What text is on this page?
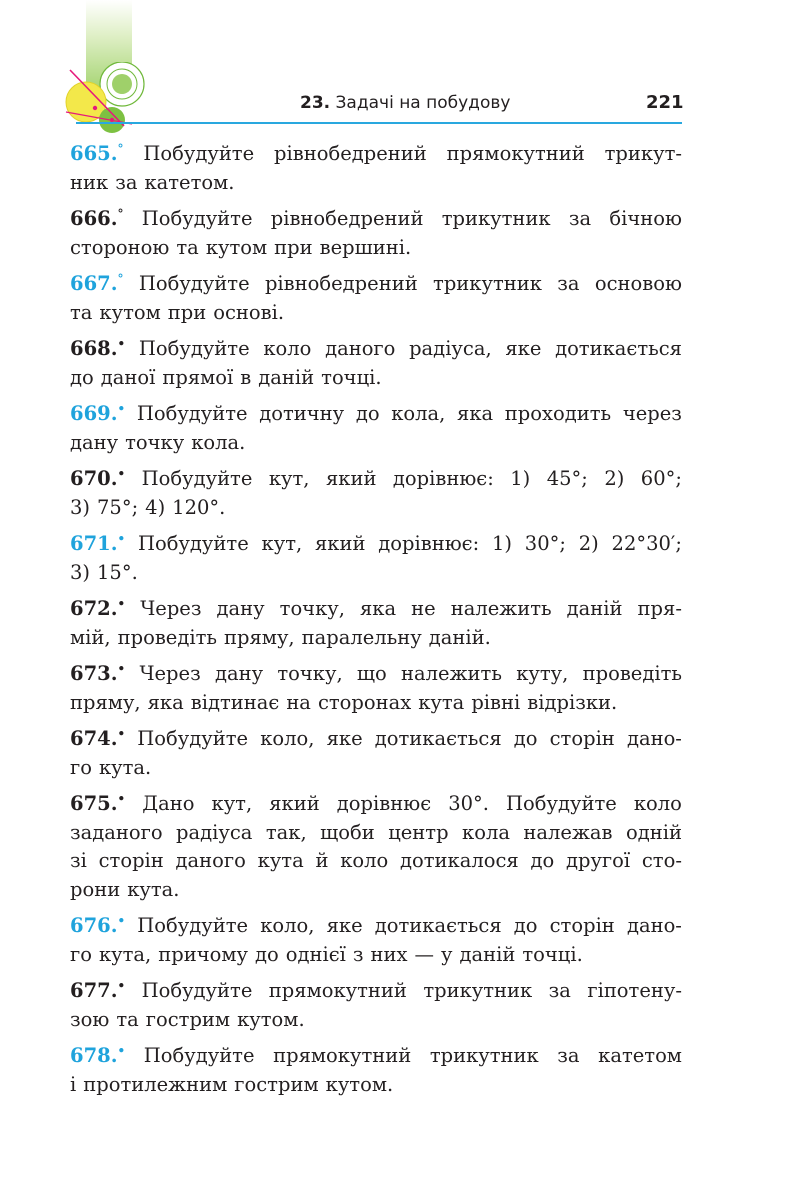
23. Задачі на побудову	221
665.° Побудуйте рівнобедрений прямокутний трикут-
ник за катетом.
666.° Побудуйте рівнобедрений трикутник за бічною
стороною та кутом при вершині.
667.° Побудуйте рівнобедрений трикутник за основою
та кутом при основі.
668.• Побудуйте коло даного радіуса, яке дотикається
до даної прямої в даній точці.
669.• Побудуйте дотичну до кола, яка проходить через
дану точку кола.
670.• Побудуйте кут, який дорівнює: 1) 45°; 2) 60°;
3) 75°; 4) 120°.
671.• Побудуйте кут, який дорівнює: 1) 30°; 2) 22°30′;
3) 15°.
672.• Через дану точку, яка не належить даній пря-
мій, проведіть пряму, паралельну даній.
673.• Через дану точку, що належить куту, проведіть
пряму, яка відтинає на сторонах кута рівні відрізки.
674.• Побудуйте коло, яке дотикається до сторін дано-
го кута.
675.• Дано кут, який дорівнює 30°. Побудуйте коло
заданого радіуса так, щоби центр кола належав одній
зі сторін даного кута й коло дотикалося до другої сто-
рони кута.
676.• Побудуйте коло, яке дотикається до сторін дано-
го кута, причому до однієї з них — у даній точці.
677.• Побудуйте прямокутний трикутник за гіпотену-
зою та гострим кутом.
678.• Побудуйте прямокутний трикутник за катетом
і протилежним гострим кутом.
